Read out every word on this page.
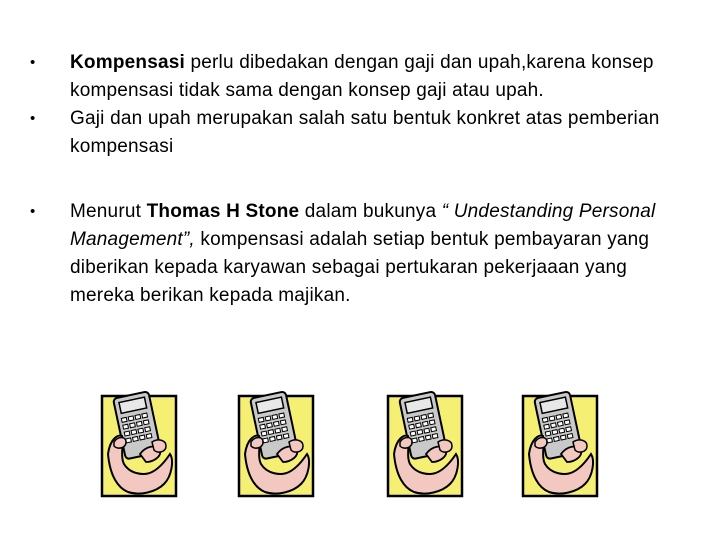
• Kompensasi perlu dibedakan dengan gaji dan upah,karena konsep kompensasi tidak sama dengan konsep gaji atau upah.
• Gaji dan upah merupakan salah satu bentuk konkret atas pemberian kompensasi
• Menurut Thomas H Stone dalam bukunya “ Undestanding Personal Management”, kompensasi adalah setiap bentuk pembayaran yang diberikan kepada karyawan sebagai pertukaran pekerjaaan yang mereka berikan kepada majikan.
